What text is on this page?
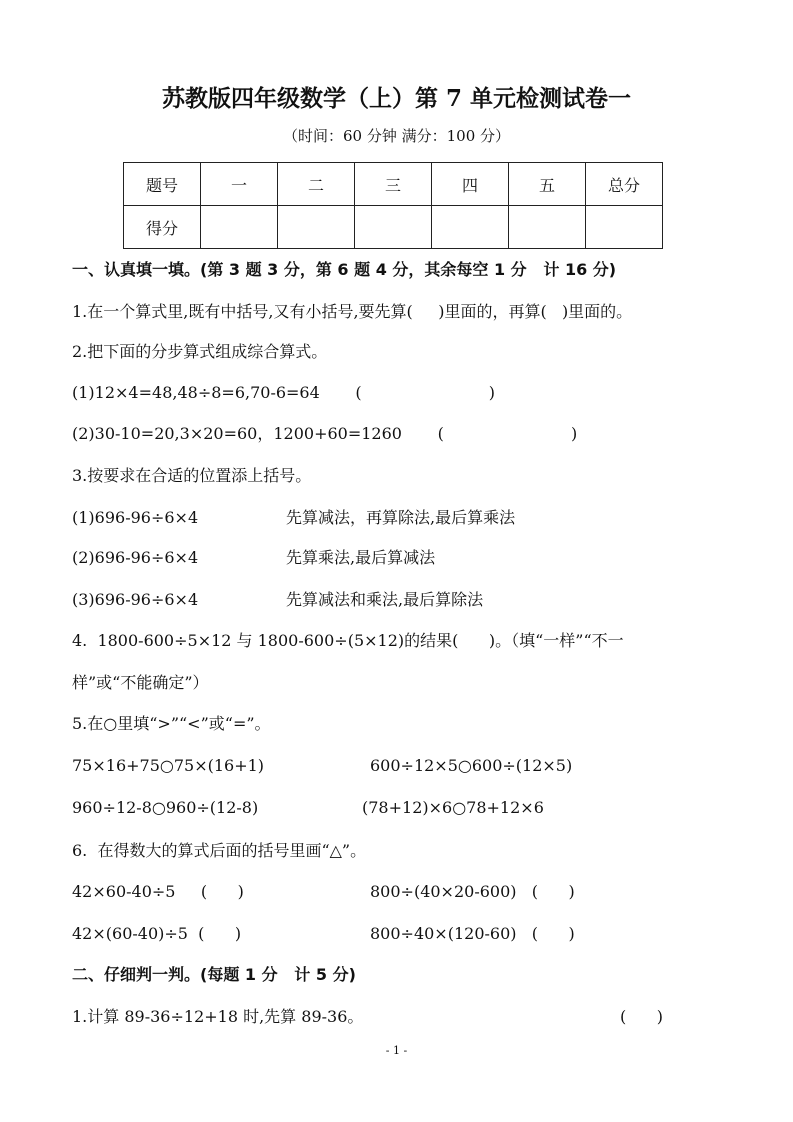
苏教版四年级数学（上）第 7 单元检测试卷一
（时间：60 分钟 满分：100 分）
题号	一	二	三	四	五	总分
得分						
一、认真填一填。(第 3 题 3 分，第 6 题 4 分，其余每空 1 分   计 16 分)
1.在一个算式里,既有中括号,又有小括号,要先算(     )里面的，再算(   )里面的。
2.把下面的分步算式组成综合算式。
(1)12×4=48,48÷8=6,70-6=64       (                         )
(2)30-10=20,3×20=60，1200+60=1260       (                         )
3.按要求在合适的位置添上括号。
(1)696-96÷6×4	先算减法，再算除法,最后算乘法
(2)696-96÷6×4	先算乘法,最后算减法
(3)696-96÷6×4	先算减法和乘法,最后算除法
4.  1800-600÷5×12 与 1800-600÷(5×12)的结果(      )。（填“一样”“不一
样”或“不能确定”）
5.在○里填“>”“<”或“=”。
75×16+75○75×(16+1)	600÷12×5○600÷(12×5)
960÷12-8○960÷(12-8)	(78+12)×6○78+12×6
6.  在得数大的算式后面的括号里画“△”。
42×60-40÷5     (      )	800÷(40×20-600)   (      )
42×(60-40)÷5  (      )	800÷40×(120-60)   (      )
二、仔细判一判。(每题 1 分   计 5 分)
1.计算 89-36÷12+18 时,先算 89-36。	(      )
- 1 -
